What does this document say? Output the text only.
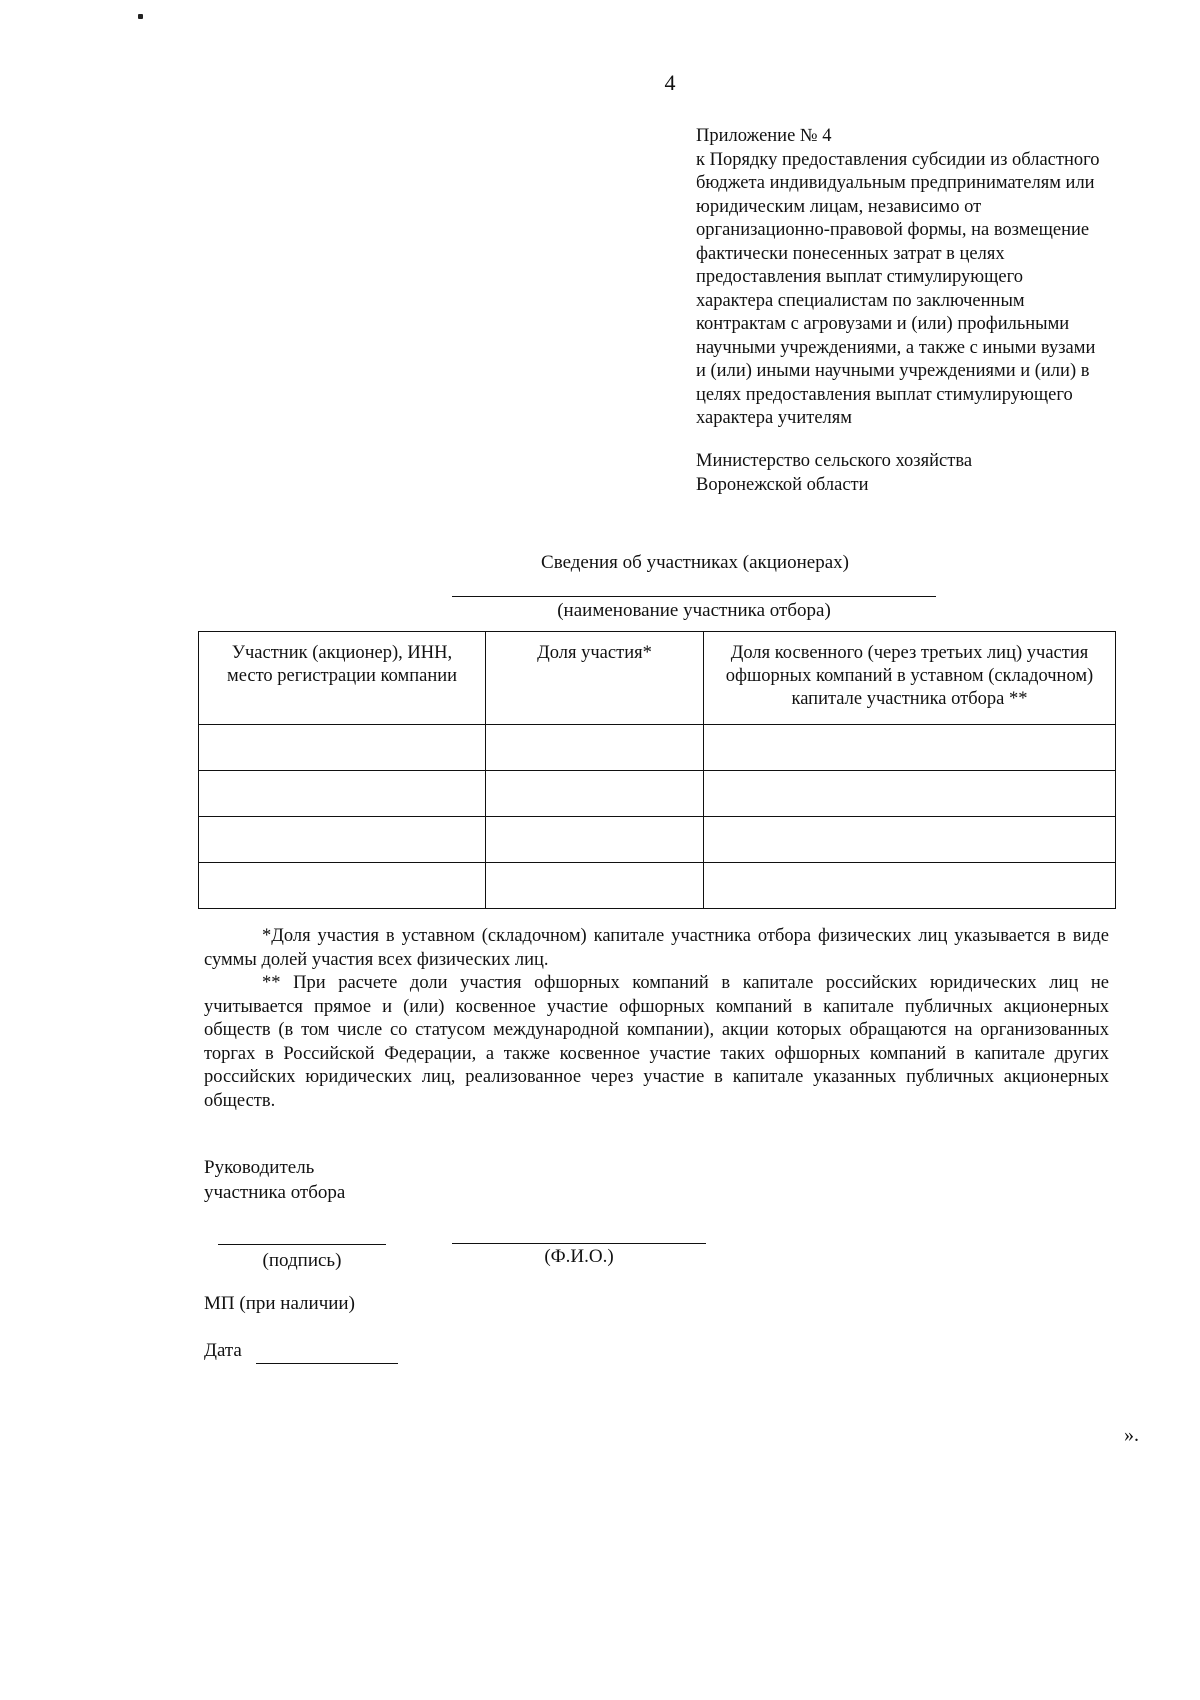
4
Приложение № 4
к Порядку предоставления субсидии из областного
бюджета индивидуальным предпринимателям или
юридическим лицам, независимо от
организационно-правовой формы, на возмещение
фактически понесенных затрат в целях
предоставления выплат стимулирующего
характера специалистам по заключенным
контрактам с агровузами и (или) профильными
научными учреждениями, а также с иными вузами
и (или) иными научными учреждениями и (или) в
целях предоставления выплат стимулирующего
характера учителям
Министерство сельского хозяйства
Воронежской области
Сведения об участниках (акционерах)
(наименование участника отбора)
Участник (акционер), ИНН, место регистрации компании	Доля участия*	Доля косвенного (через третьих лиц) участия офшорных компаний в уставном (складочном) капитале участника отбора **

*Доля участия в уставном (складочном) капитале участника отбора физических лиц указывается в виде суммы долей участия всех физических лиц.

** При расчете доли участия офшорных компаний в капитале российских юридических лиц не учитывается прямое и (или) косвенное участие офшорных компаний в капитале публичных акционерных обществ (в том числе со статусом международной компании), акции которых обращаются на организованных торгах в Российской Федерации, а также косвенное участие таких офшорных компаний в капитале других российских юридических лиц, реализованное через участие в капитале указанных публичных акционерных обществ.

Руководитель
участника отбора
(подпись)	(Ф.И.О.)
МП (при наличии)
Дата
».
